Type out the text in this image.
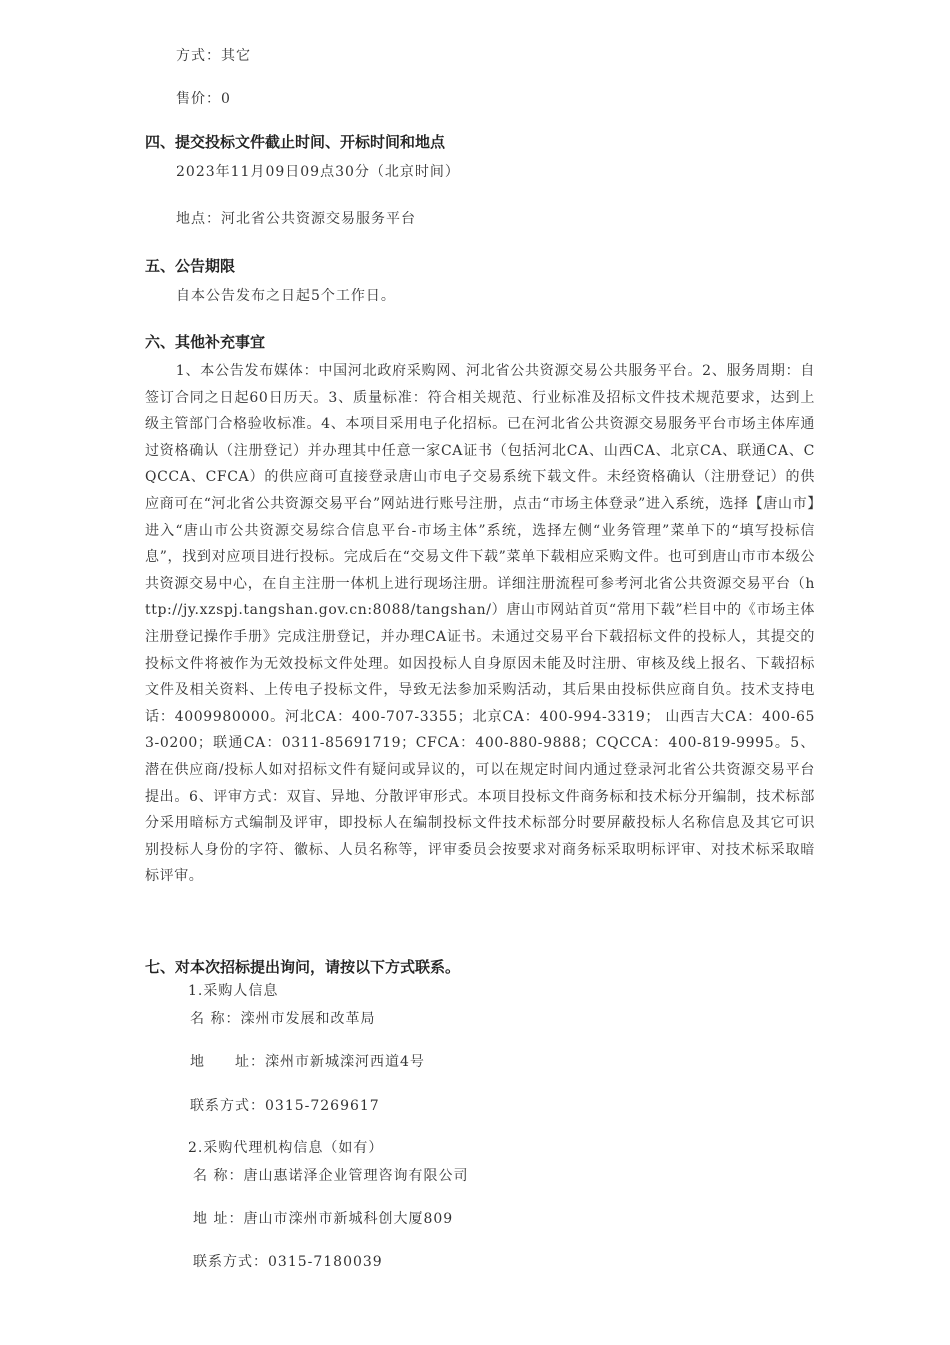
方式：其它
售价：0
四、提交投标文件截止时间、开标时间和地点
2023年11月09日09点30分（北京时间）
地点：河北省公共资源交易服务平台
五、公告期限
自本公告发布之日起5个工作日。
六、其他补充事宜

1、本公告发布媒体：中国河北政府采购网、河北省公共资源交易公共服务平台。2、服务周期：自签订合同之日起60日历天。3、质量标准：符合相关规范、行业标准及招标文件技术规范要求，达到上级主管部门合格验收标准。4、本项目采用电子化招标。已在河北省公共资源交易服务平台市场主体库通过资格确认（注册登记）并办理其中任意一家CA证书（包括河北CA、山西CA、北京CA、联通CA、CQCCA、CFCA）的供应商可直接登录唐山市电子交易系统下载文件。未经资格确认（注册登记）的供应商可在“河北省公共资源交易平台”网站进行账号注册，点击“市场主体登录”进入系统，选择【唐山市】进入“唐山市公共资源交易综合信息平台-市场主体”系统，选择左侧“业务管理”菜单下的“填写投标信息”，找到对应项目进行投标。完成后在“交易文件下载”菜单下载相应采购文件。也可到唐山市市本级公共资源交易中心，在自主注册一体机上进行现场注册。详细注册流程可参考河北省公共资源交易平台（http://jy.xzspj.tangshan.gov.cn:8088/tangshan/）唐山市网站首页“常用下载”栏目中的《市场主体注册登记操作手册》完成注册登记，并办理CA证书。未通过交易平台下载招标文件的投标人，其提交的投标文件将被作为无效投标文件处理。如因投标人自身原因未能及时注册、审核及线上报名、下载招标文件及相关资料、上传电子投标文件，导致无法参加采购活动，其后果由投标供应商自负。技术支持电话：4009980000。河北CA：400-707-3355；北京CA：400-994-3319； 山西吉大CA：400-653-0200；联通CA：0311-85691719；CFCA：400-880-9888；CQCCA：400-819-9995。5、潜在供应商/投标人如对招标文件有疑问或异议的，可以在规定时间内通过登录河北省公共资源交易平台提出。6、评审方式：双盲、异地、分散评审形式。本项目投标文件商务标和技术标分开编制，技术标部分采用暗标方式编制及评审，即投标人在编制投标文件技术标部分时要屏蔽投标人名称信息及其它可识别投标人身份的字符、徽标、人员名称等，评审委员会按要求对商务标采取明标评审、对技术标采取暗标评审。

七、对本次招标提出询问，请按以下方式联系。
1.采购人信息
名 称：滦州市发展和改革局
地　　址：滦州市新城滦河西道4号
联系方式：0315-7269617
2.采购代理机构信息（如有）
名 称：唐山惠诺泽企业管理咨询有限公司
地 址：唐山市滦州市新城科创大厦809
联系方式：0315-7180039
